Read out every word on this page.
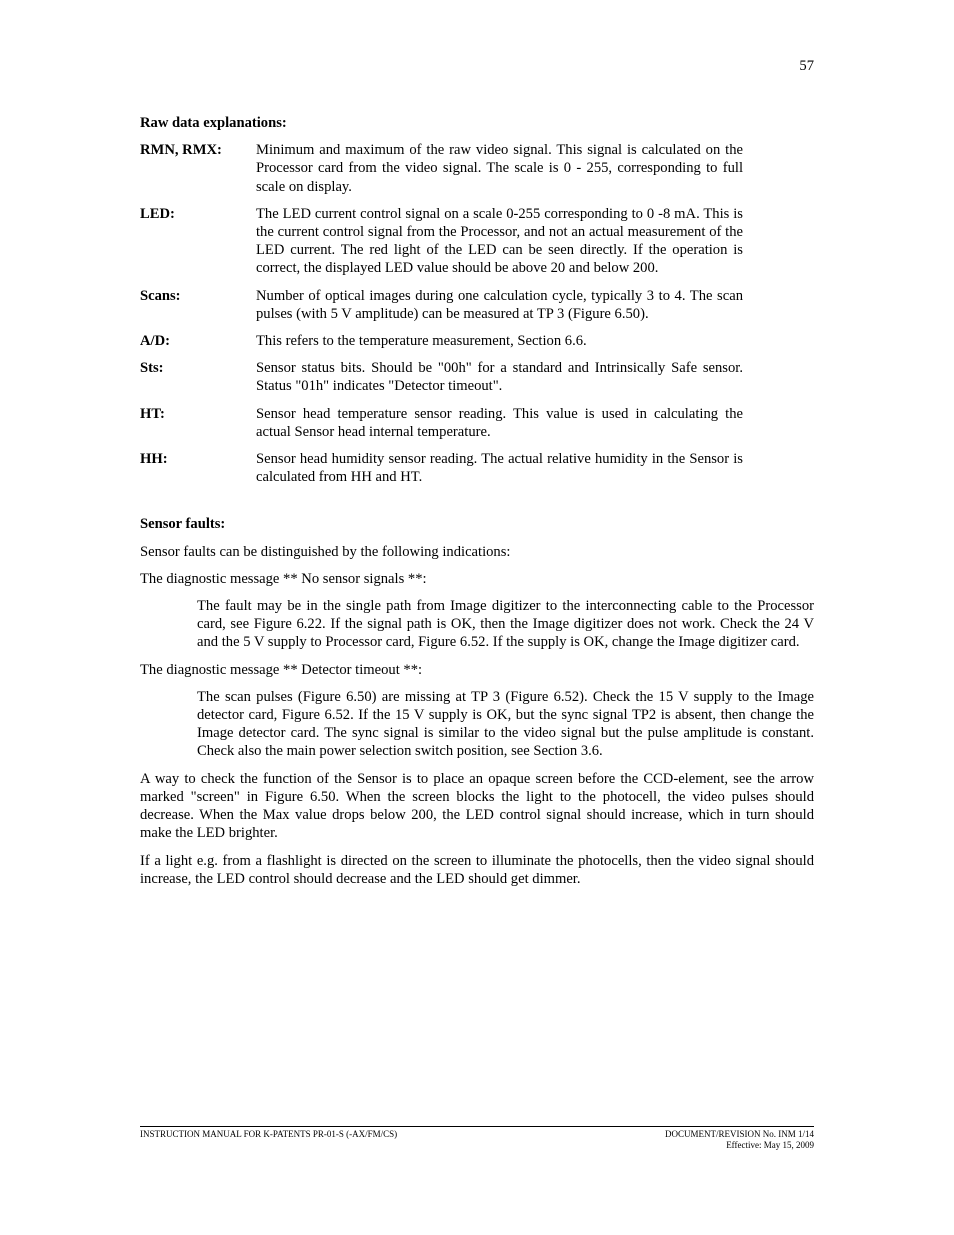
57
Raw data explanations:
RMN, RMX:	Minimum and maximum of the raw video signal. This signal is calculated on the Processor card from the video signal. The scale is 0 - 255, corresponding to full scale on display.
LED:	The LED current control signal on a scale 0-255 corresponding to 0 -8 mA. This is the current control signal from the Processor, and not an actual measurement of the LED current. The red light of the LED can be seen directly. If the operation is correct, the displayed LED value should be above 20 and below 200.
Scans:	Number of optical images during one calculation cycle, typically 3 to 4. The scan pulses (with 5 V amplitude) can be measured at TP 3 (Figure 6.50).
A/D:	This refers to the temperature measurement, Section 6.6.
Sts:	Sensor status bits. Should be "00h" for a standard and Intrinsically Safe sensor. Status "01h" indicates "Detector timeout".
HT:	Sensor head temperature sensor reading. This value is used in calculating the actual Sensor head internal temperature.
HH:	Sensor head humidity sensor reading. The actual relative humidity in the Sensor is calculated from HH and HT.
Sensor faults:

Sensor faults can be distinguished by the following indications:

The diagnostic message ** No sensor signals **:

The fault may be in the single path from Image digitizer to the interconnecting cable to the Processor card, see Figure 6.22. If the signal path is OK, then the Image digitizer does not work. Check the 24 V and the 5 V supply to Processor card, Figure 6.52. If the supply is OK, change the Image digitizer card.

The diagnostic message ** Detector timeout **:

The scan pulses (Figure 6.50) are missing at TP 3 (Figure 6.52). Check the 15 V supply to the Image detector card, Figure 6.52. If the 15 V supply is OK, but the sync signal TP2 is absent, then change the Image detector card. The sync signal is similar to the video signal but the pulse amplitude is constant. Check also the main power selection switch position, see Section 3.6.

A way to check the function of the Sensor is to place an opaque screen before the CCD-element, see the arrow marked "screen" in Figure 6.50. When the screen blocks the light to the photocell, the video pulses should decrease. When the Max value drops below 200, the LED control signal should increase, which in turn should make the LED brighter.

If a light e.g. from a flashlight is directed on the screen to illuminate the photocells, then the video signal should increase, the LED control should decrease and the LED should get dimmer.

INSTRUCTION MANUAL FOR K-PATENTS PR-01-S (-AX/FM/CS)	DOCUMENT/REVISION No. INM 1/14
Effective: May 15, 2009
